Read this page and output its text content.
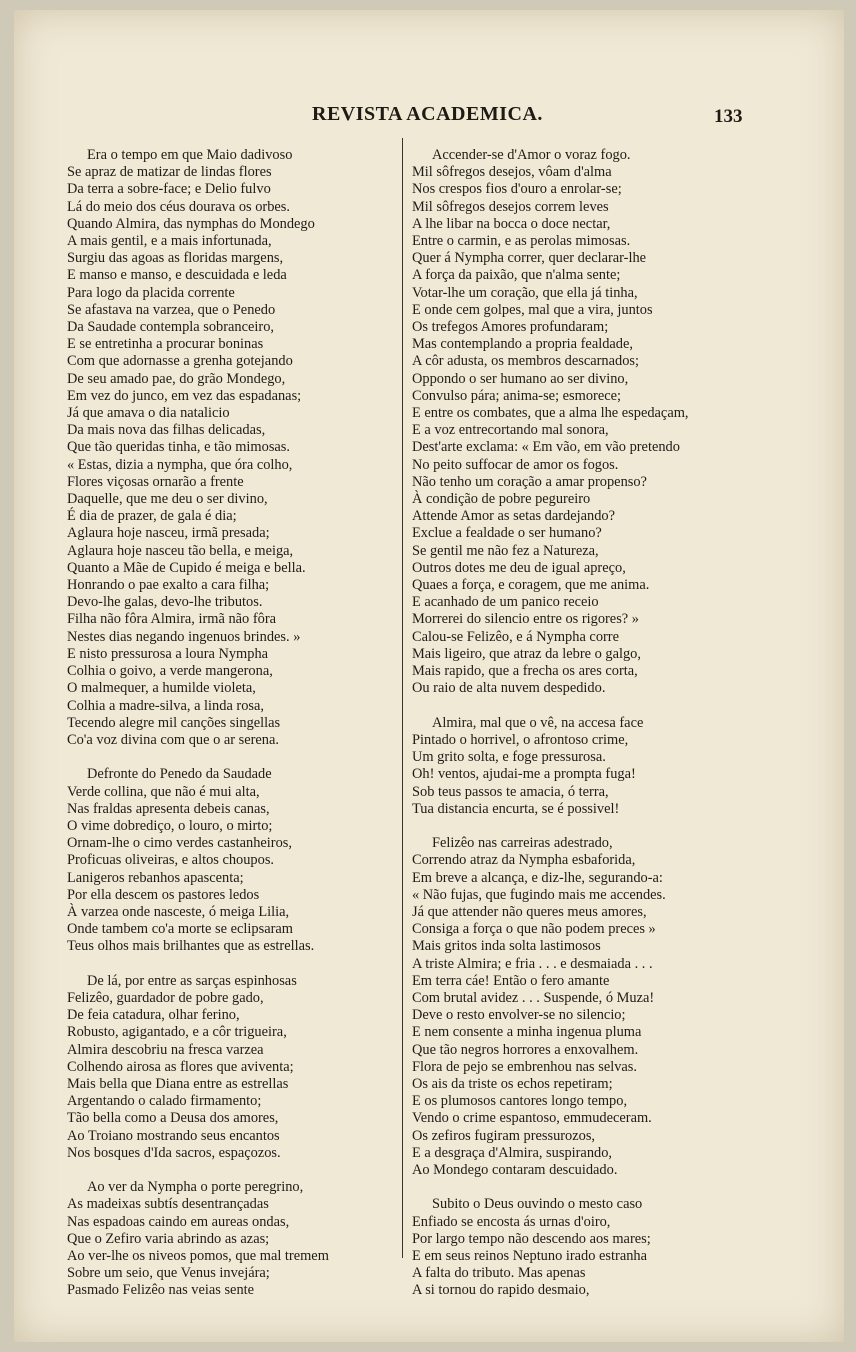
REVISTA ACADEMICA.	133
Era o tempo em que Maio dadivoso
Se apraz de matizar de lindas flores
Da terra a sobre-face; e Delio fulvo
Lá do meio dos céus dourava os orbes.
Quando Almira, das nymphas do Mondego
A mais gentil, e a mais infortunada,
Surgiu das agoas as floridas margens,
E manso e manso, e descuidada e leda
Para logo da placida corrente
Se afastava na varzea, que o Penedo
Da Saudade contempla sobranceiro,
E se entretinha a procurar boninas
Com que adornasse a grenha gotejando
De seu amado pae, do grão Mondego,
Em vez do junco, em vez das espadanas;
Já que amava o dia natalicio
Da mais nova das filhas delicadas,
Que tão queridas tinha, e tão mimosas.
« Estas, dizia a nympha, que óra colho,
Flores viçosas ornarão a frente
Daquelle, que me deu o ser divino,
É dia de prazer, de gala é dia;
Aglaura hoje nasceu, irmã presada;
Aglaura hoje nasceu tão bella, e meiga,
Quanto a Mãe de Cupido é meiga e bella.
Honrando o pae exalto a cara filha;
Devo-lhe galas, devo-lhe tributos.
Filha não fôra Almira, irmã não fôra
Nestes dias negando ingenuos brindes. »
E nisto pressurosa a loura Nympha
Colhia o goivo, a verde mangerona,
O malmequer, a humilde violeta,
Colhia a madre-silva, a linda rosa,
Tecendo alegre mil canções singellas
Co'a voz divina com que o ar serena.
Defronte do Penedo da Saudade
Verde collina, que não é mui alta,
Nas fraldas apresenta debeis canas,
O vime dobrediço, o louro, o mirto;
Ornam-lhe o cimo verdes castanheiros,
Proficuas oliveiras, e altos choupos.
Lanigeros rebanhos apascenta;
Por ella descem os pastores ledos
À varzea onde nasceste, ó meiga Lilia,
Onde tambem co'a morte se eclipsaram
Teus olhos mais brilhantes que as estrellas.
De lá, por entre as sarças espinhosas
Felizêo, guardador de pobre gado,
De feia catadura, olhar ferino,
Robusto, agigantado, e a côr trigueira,
Almira descobriu na fresca varzea
Colhendo airosa as flores que aviventa;
Mais bella que Diana entre as estrellas
Argentando o calado firmamento;
Tão bella como a Deusa dos amores,
Ao Troiano mostrando seus encantos
Nos bosques d'Ida sacros, espaçozos.
Ao ver da Nympha o porte peregrino,
As madeixas subtís desentrançadas
Nas espadoas caindo em aureas ondas,
Que o Zefiro varia abrindo as azas;
Ao ver-lhe os niveos pomos, que mal tremem
Sobre um seio, que Venus invejára;
Pasmado Felizêo nas veias sente
Accender-se d'Amor o voraz fogo.
Mil sôfregos desejos, vôam d'alma
Nos crespos fios d'ouro a enrolar-se;
Mil sôfregos desejos correm leves
A lhe libar na bocca o doce nectar,
Entre o carmin, e as perolas mimosas.
Quer á Nympha correr, quer declarar-lhe
A força da paixão, que n'alma sente;
Votar-lhe um coração, que ella já tinha,
E onde cem golpes, mal que a vira, juntos
Os trefegos Amores profundaram;
Mas contemplando a propria fealdade,
A côr adusta, os membros descarnados;
Oppondo o ser humano ao ser divino,
Convulso pára; anima-se; esmorece;
E entre os combates, que a alma lhe espedaçam,
E a voz entrecortando mal sonora,
Dest'arte exclama: « Em vão, em vão pretendo
No peito suffocar de amor os fogos.
Não tenho um coração a amar propenso?
À condição de pobre pegureiro
Attende Amor as setas dardejando?
Exclue a fealdade o ser humano?
Se gentil me não fez a Natureza,
Outros dotes me deu de igual apreço,
Quaes a força, e coragem, que me anima.
E acanhado de um panico receio
Morrerei do silencio entre os rigores? »
Calou-se Felizêo, e á Nympha corre
Mais ligeiro, que atraz da lebre o galgo,
Mais rapido, que a frecha os ares corta,
Ou raio de alta nuvem despedido.
Almira, mal que o vê, na accesa face
Pintado o horrivel, o afrontoso crime,
Um grito solta, e foge pressurosa.
Oh! ventos, ajudai-me a prompta fuga!
Sob teus passos te amacia, ó terra,
Tua distancia encurta, se é possivel!
Felizêo nas carreiras adestrado,
Correndo atraz da Nympha esbaforida,
Em breve a alcança, e diz-lhe, segurando-a:
« Não fujas, que fugindo mais me accendes.
Já que attender não queres meus amores,
Consiga a força o que não podem preces »
Mais gritos inda solta lastimosos
A triste Almira; e fria . . . e desmaiada . . .
Em terra cáe! Então o fero amante
Com brutal avidez . . . Suspende, ó Muza!
Deve o resto envolver-se no silencio;
E nem consente a minha ingenua pluma
Que tão negros horrores a enxovalhem.
Flora de pejo se embrenhou nas selvas.
Os ais da triste os echos repetiram;
E os plumosos cantores longo tempo,
Vendo o crime espantoso, emmudeceram.
Os zefiros fugiram pressurozos,
E a desgraça d'Almira, suspirando,
Ao Mondego contaram descuidado.
Subito o Deus ouvindo o mesto caso
Enfiado se encosta ás urnas d'oiro,
Por largo tempo não descendo aos mares;
E em seus reinos Neptuno irado estranha
A falta do tributo. Mas apenas
A si tornou do rapido desmaio,
